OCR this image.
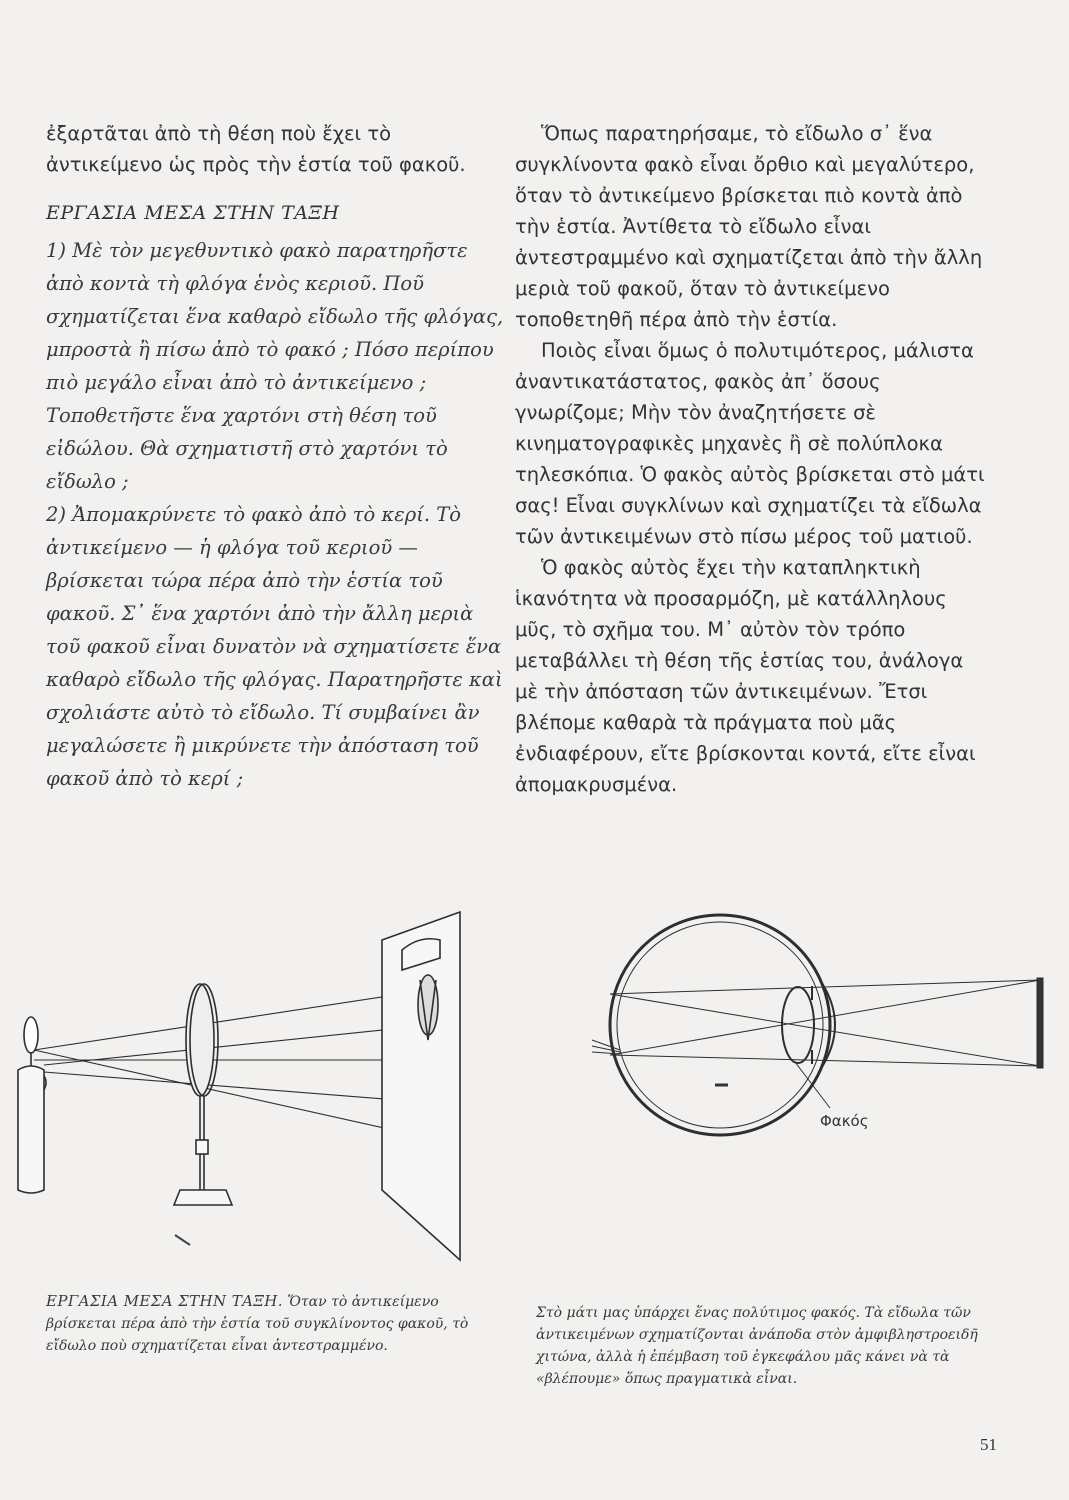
ἐξαρτᾶται ἀπὸ τὴ θέση ποὺ ἔχει τὸ ἀντικείμενο ὡς πρὸς τὴν ἑστία τοῦ φακοῦ.

ΕΡΓΑΣΙΑ ΜΕΣΑ ΣΤΗΝ ΤΑΞΗ

1) Μὲ τὸν μεγεθυντικὸ φακὸ παρατηρῆστε ἀπὸ κοντὰ τὴ φλόγα ἑνὸς κεριοῦ. Ποῦ σχηματίζεται ἕνα καθαρὸ εἴδωλο τῆς φλόγας, μπροστὰ ἢ πίσω ἀπὸ τὸ φακό ; Πόσο περίπου πιὸ μεγάλο εἶναι ἀπὸ τὸ ἀντικείμενο ; Τοποθετῆστε ἕνα χαρτόνι στὴ θέση τοῦ εἰδώλου. Θὰ σχηματιστῆ στὸ χαρτόνι τὸ εἴδωλο ;

2) Ἀπομακρύνετε τὸ φακὸ ἀπὸ τὸ κερί. Τὸ ἀντικείμενο — ἡ φλόγα τοῦ κεριοῦ — βρίσκεται τώρα πέρα ἀπὸ τὴν ἑστία τοῦ φακοῦ. Σ᾽ ἕνα χαρτόνι ἀπὸ τὴν ἄλλη μεριὰ τοῦ φακοῦ εἶναι δυνατὸν νὰ σχηματίσετε ἕνα καθαρὸ εἴδωλο τῆς φλόγας. Παρατηρῆστε καὶ σχολιάστε αὐτὸ τὸ εἴδωλο. Τί συμβαίνει ἂν μεγαλώσετε ἢ μικρύνετε τὴν ἀπόσταση τοῦ φακοῦ ἀπὸ τὸ κερί ;

Ὅπως παρατηρήσαμε, τὸ εἴδωλο σ᾽ ἕνα συγκλίνοντα φακὸ εἶναι ὄρθιο καὶ μεγαλύτερο, ὅταν τὸ ἀντικείμενο βρίσκεται πιὸ κοντὰ ἀπὸ τὴν ἑστία. Ἀντίθετα τὸ εἴδωλο εἶναι ἀντεστραμμένο καὶ σχηματίζεται ἀπὸ τὴν ἄλλη μεριὰ τοῦ φακοῦ, ὅταν τὸ ἀντικείμενο τοποθετηθῆ πέρα ἀπὸ τὴν ἑστία.

Ποιὸς εἶναι ὅμως ὁ πολυτιμότερος, μάλιστα ἀναντικατάστατος, φακὸς ἀπ᾽ ὅσους γνωρίζομε; Μὴν τὸν ἀναζητήσετε σὲ κινηματογραφικὲς μηχανὲς ἢ σὲ πολύπλοκα τηλεσκόπια. Ὁ φακὸς αὐτὸς βρίσκεται στὸ μάτι σας! Εἶναι συγκλίνων καὶ σχηματίζει τὰ εἴδωλα τῶν ἀντικειμένων στὸ πίσω μέρος τοῦ ματιοῦ.

Ὁ φακὸς αὐτὸς ἔχει τὴν καταπληκτικὴ ἱκανότητα νὰ προσαρμόζη, μὲ κατάλληλους μῦς, τὸ σχῆμα του. Μ᾽ αὐτὸν τὸν τρόπο μεταβάλλει τὴ θέση τῆς ἑστίας του, ἀνάλογα μὲ τὴν ἀπόσταση τῶν ἀντικειμένων. Ἔτσι βλέπομε καθαρὰ τὰ πράγματα ποὺ μᾶς ἐνδιαφέρουν, εἴτε βρίσκονται κοντά, εἴτε εἶναι ἀπομακρυσμένα.

Φακός
ΕΡΓΑΣΙΑ ΜΕΣΑ ΣΤΗΝ ΤΑΞΗ. Ὅταν τὸ ἀντικείμενο βρίσκεται πέρα ἀπὸ τὴν ἑστία τοῦ συγκλίνοντος φακοῦ, τὸ εἴδωλο ποὺ σχηματίζεται εἶναι ἀντεστραμμένο.
Στὸ μάτι μας ὑπάρχει ἕνας πολύτιμος φακός. Τὰ εἴδωλα τῶν ἀντικειμένων σχηματίζονται ἀνάποδα στὸν ἀμφιβληστροειδῆ χιτώνα, ἀλλὰ ἡ ἐπέμβαση τοῦ ἐγκεφάλου μᾶς κάνει νὰ τὰ «βλέπουμε» ὅπως πραγματικὰ εἶναι.
51
